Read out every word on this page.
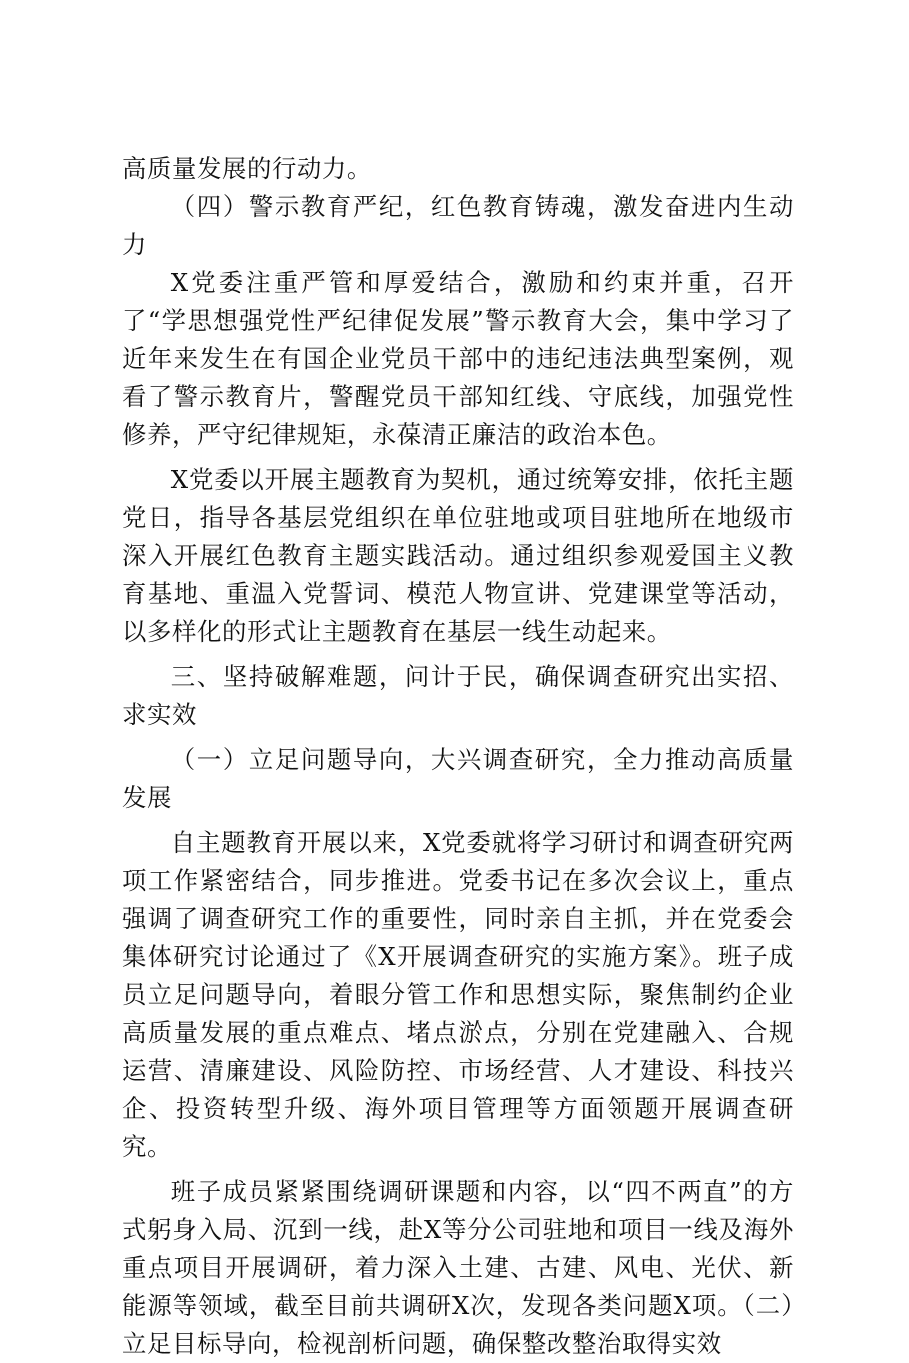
高质量发展的行动力。

（四）警示教育严纪，红色教育铸魂，激发奋进内生动力

X党委注重严管和厚爱结合，激励和约束并重，召开了“学思想强党性严纪律促发展”警示教育大会，集中学习了近年来发生在有国企业党员干部中的违纪违法典型案例，观看了警示教育片，警醒党员干部知红线、守底线，加强党性修养，严守纪律规矩，永葆清正廉洁的政治本色。

X党委以开展主题教育为契机，通过统筹安排，依托主题党日，指导各基层党组织在单位驻地或项目驻地所在地级市深入开展红色教育主题实践活动。通过组织参观爱国主义教育基地、重温入党誓词、模范人物宣讲、党建课堂等活动，以多样化的形式让主题教育在基层一线生动起来。

三、坚持破解难题，问计于民，确保调查研究出实招、求实效

（一）立足问题导向，大兴调查研究，全力推动高质量发展

自主题教育开展以来，X党委就将学习研讨和调查研究两项工作紧密结合，同步推进。党委书记在多次会议上，重点强调了调查研究工作的重要性，同时亲自主抓，并在党委会集体研究讨论通过了《X开展调查研究的实施方案》。班子成员立足问题导向，着眼分管工作和思想实际，聚焦制约企业高质量发展的重点难点、堵点淤点，分别在党建融入、合规运营、清廉建设、风险防控、市场经营、人才建设、科技兴企、投资转型升级、海外项目管理等方面领题开展调查研究。

班子成员紧紧围绕调研课题和内容，以“四不两直”的方式躬身入局、沉到一线，赴X等分公司驻地和项目一线及海外重点项目开展调研，着力深入土建、古建、风电、光伏、新能源等领域，截至目前共调研X次，发现各类问题X项。（二）立足目标导向，检视剖析问题，确保整改整治取得实效
